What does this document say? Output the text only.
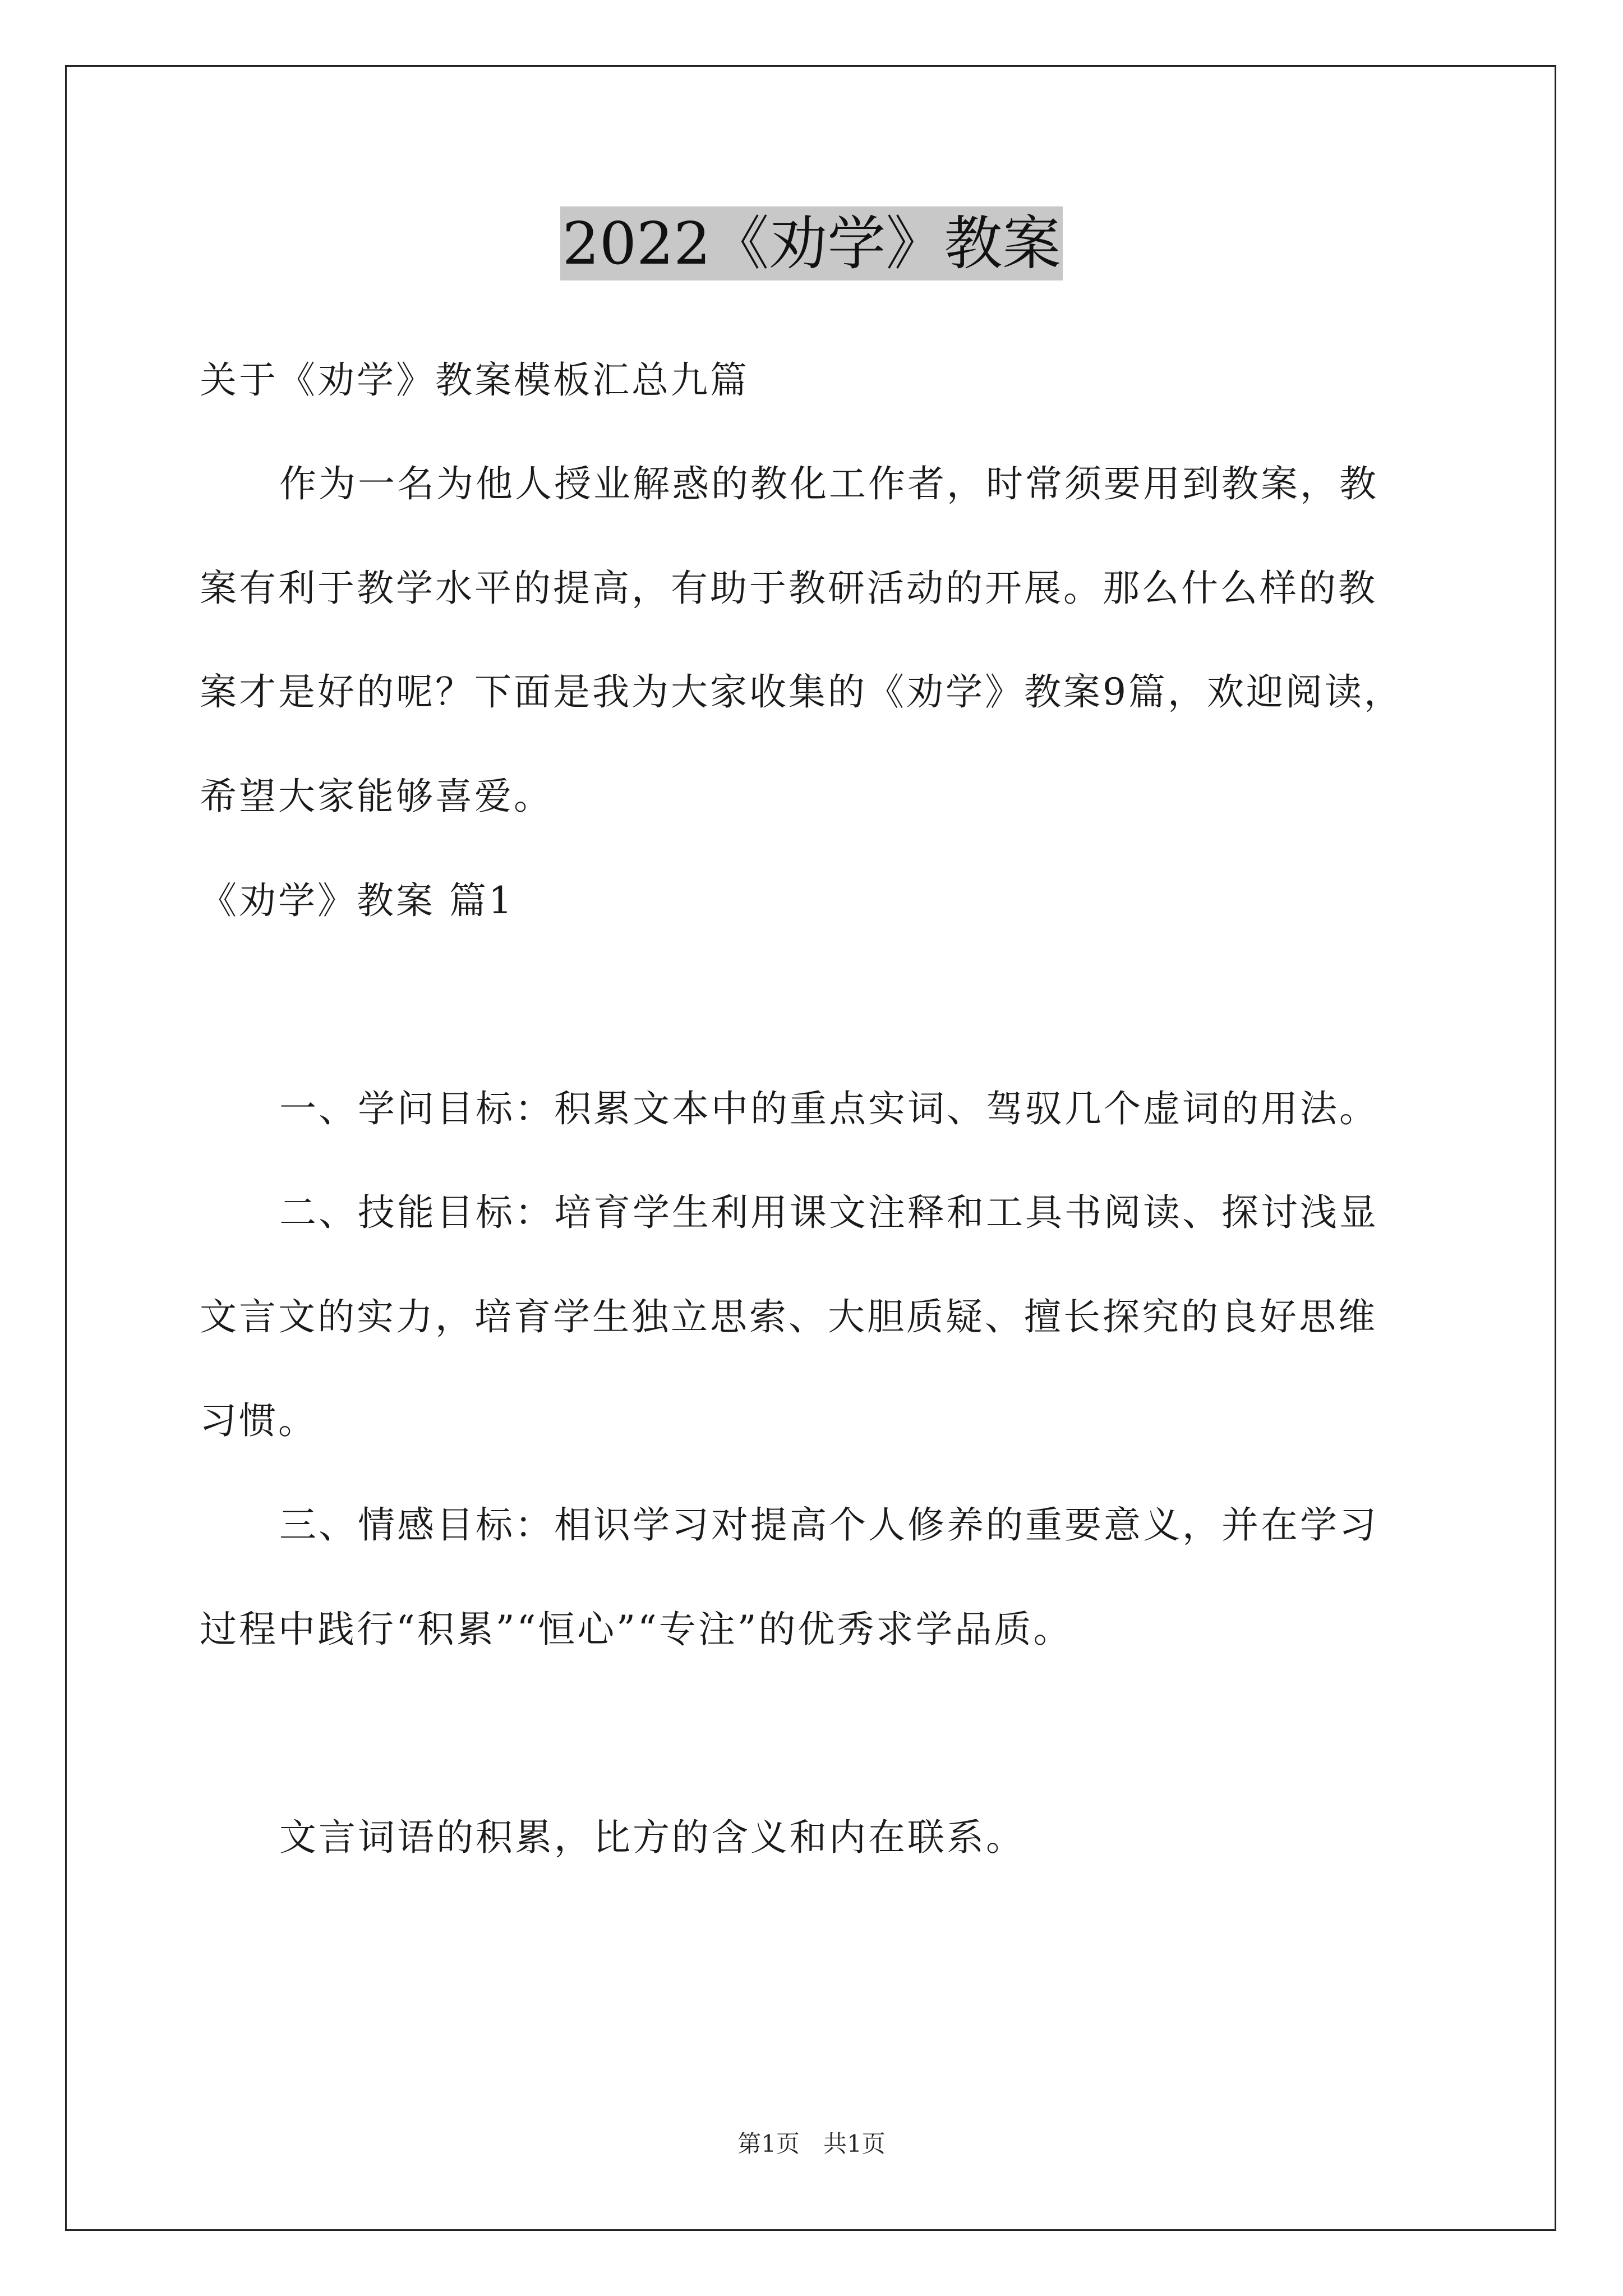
2022《劝学》教案
关于《劝学》教案模板汇总九篇
作为一名为他人授业解惑的教化工作者，时常须要用到教案，教
案有利于教学水平的提高，有助于教研活动的开展。那么什么样的教
案才是好的呢？下面是我为大家收集的《劝学》教案9篇，欢迎阅读，
希望大家能够喜爱。
《劝学》教案 篇1
一、学问目标：积累文本中的重点实词、驾驭几个虚词的用法。
二、技能目标：培育学生利用课文注释和工具书阅读、探讨浅显
文言文的实力，培育学生独立思索、大胆质疑、擅长探究的良好思维
习惯。
三、情感目标：相识学习对提高个人修养的重要意义，并在学习
过程中践行“积累”“恒心”“专注”的优秀求学品质。
文言词语的积累，比方的含义和内在联系。
第1页　共1页
